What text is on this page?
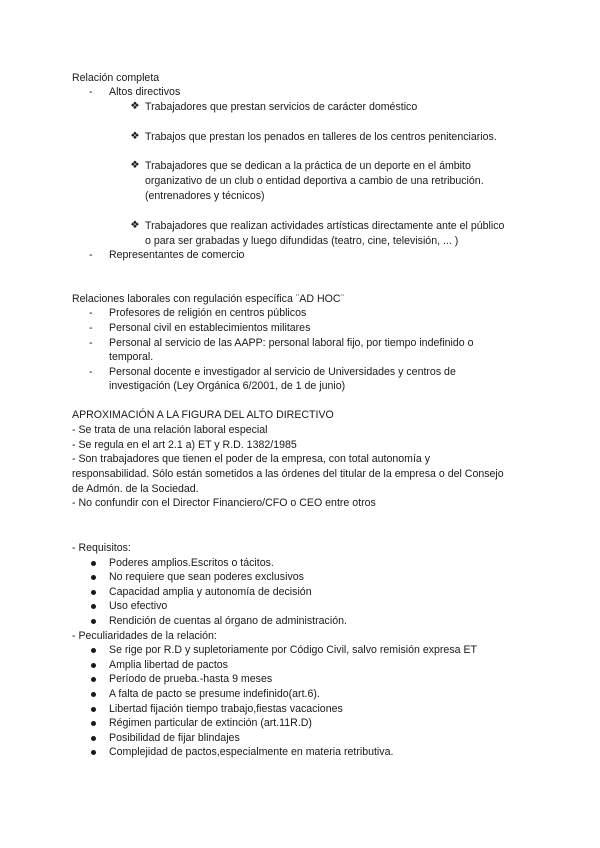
Relación completa
- Altos directivos
❖ Trabajadores que prestan servicios de carácter doméstico
❖ Trabajos que prestan los penados en talleres de los centros penitenciarios.
❖ Trabajadores que se dedican a la práctica de un deporte en el ámbito
organizativo de un club o entidad deportiva a cambio de una retribución.
(entrenadores y técnicos)
❖ Trabajadores que realizan actividades artísticas directamente ante el público
o para ser grabadas y luego difundidas (teatro, cine, televisión, ... )
- Representantes de comercio
Relaciones laborales con regulación específica ¨AD HOC¨
- Profesores de religión en centros públicos
- Personal civil en establecimientos militares
- Personal al servicio de las AAPP: personal laboral fijo, por tiempo indefinido o
temporal.
- Personal docente e investigador al servicio de Universidades y centros de
investigación (Ley Orgánica 6/2001, de 1 de junio)
APROXIMACIÓN A LA FIGURA DEL ALTO DIRECTIVO
- Se trata de una relación laboral especial
- Se regula en el art 2.1 a) ET y R.D. 1382/1985
- Son trabajadores que tienen el poder de la empresa, con total autonomía y
responsabilidad. Sólo están sometidos a las órdenes del titular de la empresa o del Consejo
de Admón. de la Sociedad.
- No confundir con el Director Financiero/CFO o CEO entre otros
- Requisitos:
Poderes amplios.Escritos o tácitos.
No requiere que sean poderes exclusivos
Capacidad amplia y autonomía de decisión
Uso efectivo
Rendición de cuentas al órgano de administración.
- Peculiaridades de la relación:
Se rige por R.D y supletoriamente por Código Civil, salvo remisión expresa ET
Amplia libertad de pactos
Período de prueba.-hasta 9 meses
A falta de pacto se presume indefinido(art.6).
Libertad fijación tiempo trabajo,fiestas vacaciones
Régimen particular de extinción (art.11R.D)
Posibilidad de fijar blindajes
Complejidad de pactos,especialmente en materia retributiva.
